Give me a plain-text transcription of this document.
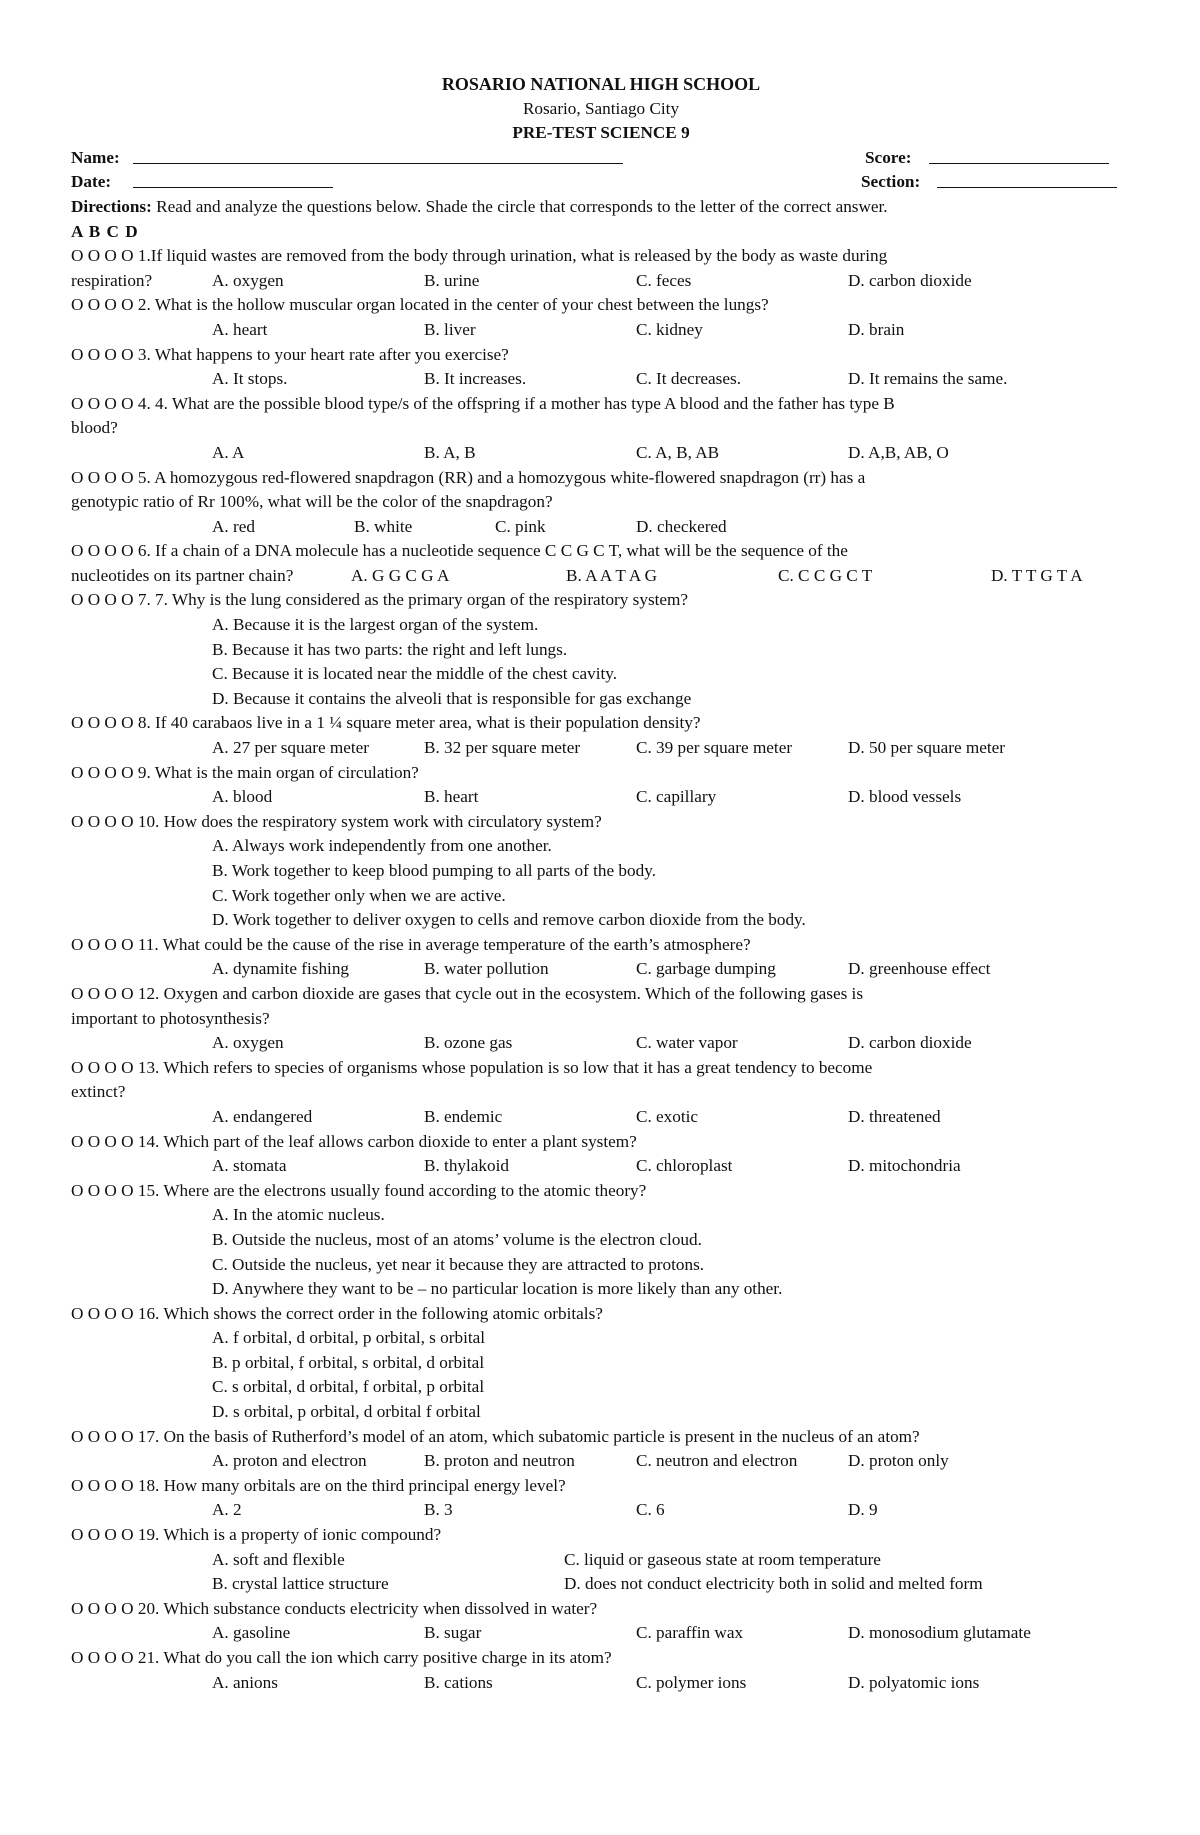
ROSARIO NATIONAL HIGH SCHOOL
Rosario, Santiago City
PRE-TEST SCIENCE 9
Name:	Score:
Date:	Section:
Directions: Read and analyze the questions below. Shade the circle that corresponds to the letter of the correct answer.
A B C D
O O O O 1.If liquid wastes are removed from the body through urination, what is released by the body as waste during
respiration?	A. oxygen	B. urine	C. feces	D. carbon dioxide
O O O O 2. What is the hollow muscular organ located in the center of your chest between the lungs?
A. heart	B. liver	C. kidney	D. brain
O O O O 3. What happens to your heart rate after you exercise?
A. It stops.	B. It increases.	C. It decreases.	D. It remains the same.
O O O O 4. 4. What are the possible blood type/s of the offspring if a mother has type A blood and the father has type B
blood?
A. A	B. A, B	C. A, B, AB	D. A,B, AB, O
O O O O 5. A homozygous red-flowered snapdragon (RR) and a homozygous white-flowered snapdragon (rr) has a
genotypic ratio of Rr 100%, what will be the color of the snapdragon?
A. red	B. white	C. pink	D. checkered
O O O O 6. If a chain of a DNA molecule has a nucleotide sequence C C G C T, what will be the sequence of the
nucleotides on its partner chain?	A. G G C G A	B. A A T A G	C. C C G C T	D. T T G T A
O O O O 7. 7. Why is the lung considered as the primary organ of the respiratory system?
A. Because it is the largest organ of the system.
B. Because it has two parts: the right and left lungs.
C. Because it is located near the middle of the chest cavity.
D. Because it contains the alveoli that is responsible for gas exchange
O O O O 8. If 40 carabaos live in a 1 ¼ square meter area, what is their population density?
A. 27 per square meter	B. 32 per square meter	C. 39 per square meter	D. 50 per square meter
O O O O 9. What is the main organ of circulation?
A. blood	B. heart	C. capillary	D. blood vessels
O O O O 10. How does the respiratory system work with circulatory system?
A. Always work independently from one another.
B. Work together to keep blood pumping to all parts of the body.
C. Work together only when we are active.
D. Work together to deliver oxygen to cells and remove carbon dioxide from the body.
O O O O 11. What could be the cause of the rise in average temperature of the earth’s atmosphere?
A. dynamite fishing	B. water pollution	C. garbage dumping	D. greenhouse effect
O O O O 12. Oxygen and carbon dioxide are gases that cycle out in the ecosystem. Which of the following gases is
important to photosynthesis?
A. oxygen	B. ozone gas	C. water vapor	D. carbon dioxide
O O O O 13. Which refers to species of organisms whose population is so low that it has a great tendency to become
extinct?
A. endangered	B. endemic	C. exotic	D. threatened
O O O O 14. Which part of the leaf allows carbon dioxide to enter a plant system?
A. stomata	B. thylakoid	C. chloroplast	D. mitochondria
O O O O 15. Where are the electrons usually found according to the atomic theory?
A. In the atomic nucleus.
B. Outside the nucleus, most of an atoms’ volume is the electron cloud.
C. Outside the nucleus, yet near it because they are attracted to protons.
D. Anywhere they want to be – no particular location is more likely than any other.
O O O O 16. Which shows the correct order in the following atomic orbitals?
A. f orbital, d orbital, p orbital, s orbital
B. p orbital, f orbital, s orbital, d orbital
C. s orbital, d orbital, f orbital, p orbital
D. s orbital, p orbital, d orbital f orbital
O O O O 17. On the basis of Rutherford’s model of an atom, which subatomic particle is present in the nucleus of an atom?
A. proton and electron	B. proton and neutron	C. neutron and electron	D. proton only
O O O O 18. How many orbitals are on the third principal energy level?
A. 2	B. 3	C. 6	D. 9
O O O O 19. Which is a property of ionic compound?
A. soft and flexible	C. liquid or gaseous state at room temperature
B. crystal lattice structure	D. does not conduct electricity both in solid and melted form
O O O O 20. Which substance conducts electricity when dissolved in water?
A. gasoline	B. sugar	C. paraffin wax	D. monosodium glutamate
O O O O 21. What do you call the ion which carry positive charge in its atom?
A. anions	B. cations	C. polymer ions	D. polyatomic ions
